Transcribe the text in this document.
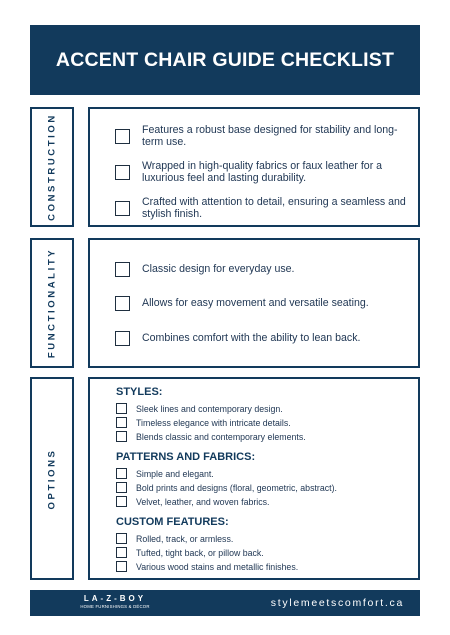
ACCENT CHAIR GUIDE CHECKLIST
CONSTRUCTION	Features a robust base designed for stability and long-term use.
Wrapped in high-quality fabrics or faux leather for a luxurious feel and lasting durability.
Crafted with attention to detail, ensuring a seamless and stylish finish.
FUNCTIONALITY	Classic design for everyday use.
Allows for easy movement and versatile seating.
Combines comfort with the ability to lean back.
OPTIONS
STYLES:
Sleek lines and contemporary design.
Timeless elegance with intricate details.
Blends classic and contemporary elements.
PATTERNS AND FABRICS:
Simple and elegant.
Bold prints and designs (floral, geometric, abstract).
Velvet, leather, and woven fabrics.
CUSTOM FEATURES:
Rolled, track, or armless.
Tufted, tight back, or pillow back.
Various wood stains and metallic finishes.
LA-Z-BOY
HOME FURNISHINGS & DÉCOR	stylemeetscomfort.ca
